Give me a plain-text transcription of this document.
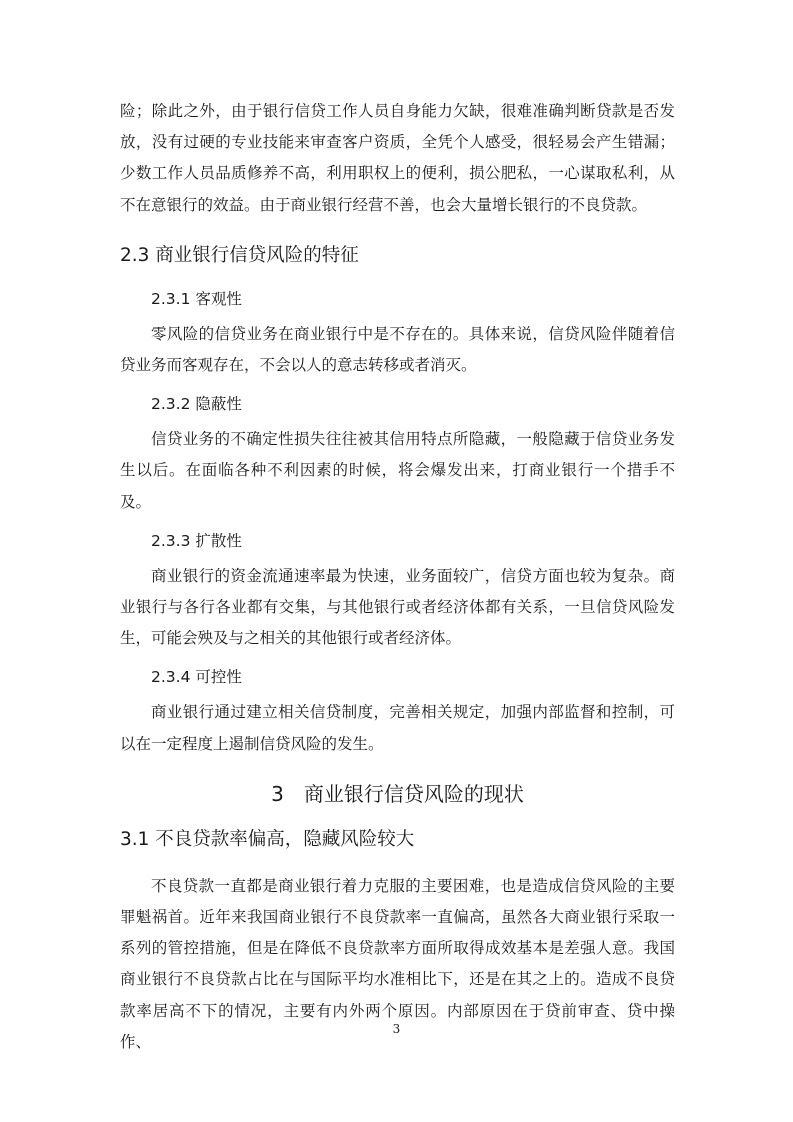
险；除此之外，由于银行信贷工作人员自身能力欠缺，很难准确判断贷款是否发放，没有过硬的专业技能来审查客户资质，全凭个人感受，很轻易会产生错漏；少数工作人员品质修养不高，利用职权上的便利，损公肥私，一心谋取私利，从不在意银行的效益。由于商业银行经营不善，也会大量增长银行的不良贷款。

2.3 商业银行信贷风险的特征
2.3.1 客观性

零风险的信贷业务在商业银行中是不存在的。具体来说，信贷风险伴随着信贷业务而客观存在，不会以人的意志转移或者消灭。

2.3.2 隐蔽性

信贷业务的不确定性损失往往被其信用特点所隐藏，一般隐藏于信贷业务发生以后。在面临各种不利因素的时候，将会爆发出来，打商业银行一个措手不及。

2.3.3 扩散性

商业银行的资金流通速率最为快速，业务面较广，信贷方面也较为复杂。商业银行与各行各业都有交集，与其他银行或者经济体都有关系，一旦信贷风险发生，可能会殃及与之相关的其他银行或者经济体。

2.3.4 可控性

商业银行通过建立相关信贷制度，完善相关规定，加强内部监督和控制，可以在一定程度上遏制信贷风险的发生。

3　商业银行信贷风险的现状
3.1 不良贷款率偏高，隐藏风险较大

不良贷款一直都是商业银行着力克服的主要困难，也是造成信贷风险的主要罪魁祸首。近年来我国商业银行不良贷款率一直偏高，虽然各大商业银行采取一系列的管控措施，但是在降低不良贷款率方面所取得成效基本是差强人意。我国商业银行不良贷款占比在与国际平均水准相比下，还是在其之上的。造成不良贷款率居高不下的情况，主要有内外两个原因。内部原因在于贷前审查、贷中操作、

3
